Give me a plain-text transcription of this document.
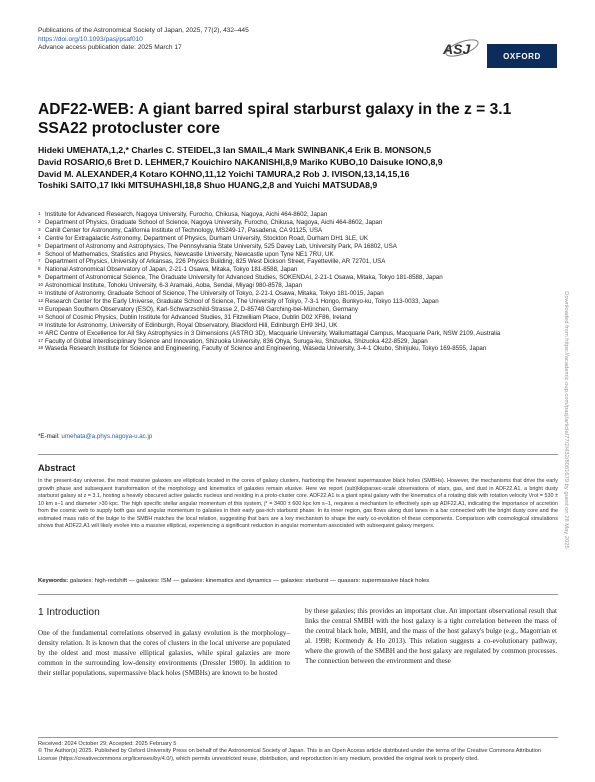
Publications of the Astronomical Society of Japan, 2025, 77(2), 432–445
https://doi.org/10.1093/pasj/psaf010
Advance access publication date: 2025 March 17	ASJ	OXFORD
ADF22-WEB: A giant barred spiral starburst galaxy in the z = 3.1 SSA22 protocluster core
Hideki UMEHATA,1,2,* Charles C. STEIDEL,3 Ian SMAIL,4 Mark SWINBANK,4 Erik B. MONSON,5
David ROSARIO,6 Bret D. LEHMER,7 Kouichiro NAKANISHI,8,9 Mariko KUBO,10 Daisuke IONO,8,9
David M. ALEXANDER,4 Kotaro KOHNO,11,12 Yoichi TAMURA,2 Rob J. IVISON,13,14,15,16
Toshiki SAITO,17 Ikki MITSUHASHI,18,8 Shuo HUANG,2,8 and Yuichi MATSUDA8,9
1 Institute for Advanced Research, Nagoya University, Furocho, Chikusa, Nagoya, Aichi 464-8602, Japan
2 Department of Physics, Graduate School of Science, Nagoya University, Furocho, Chikusa, Nagoya, Aichi 464-8602, Japan
3 Cahill Center for Astronomy, California Institute of Technology, MS249-17, Pasadena, CA 91125, USA
4 Centre for Extragalactic Astronomy, Department of Physics, Durham University, Stockton Road, Durham DH1 3LE, UK
5 Department of Astronomy and Astrophysics, The Pennsylvania State University, 525 Davey Lab, University Park, PA 16802, USA
6 School of Mathematics, Statistics and Physics, Newcastle University, Newcastle upon Tyne NE1 7RU, UK
7 Department of Physics, University of Arkansas, 226 Physics Building, 825 West Dickson Street, Fayetteville, AR 72701, USA
8 National Astronomical Observatory of Japan, 2-21-1 Osawa, Mitaka, Tokyo 181-8588, Japan
9 Department of Astronomical Science, The Graduate University for Advanced Studies, SOKENDAI, 2-21-1 Osawa, Mitaka, Tokyo 181-8588, Japan
10 Astronomical Institute, Tohoku University, 6-3 Aramaki, Aoba, Sendai, Miyagi 980-8578, Japan
11 Institute of Astronomy, Graduate School of Science, The University of Tokyo, 2-21-1 Osawa, Mitaka, Tokyo 181-0015, Japan
12 Research Center for the Early Universe, Graduate School of Science, The University of Tokyo, 7-3-1 Hongo, Bunkyo-ku, Tokyo 113-0033, Japan
13 European Southern Observatory (ESO), Karl-Schwarzschild-Strasse 2, D-85748 Garching-bei-München, Germany
14 School of Cosmic Physics, Dublin Institute for Advanced Studies, 31 Fitzwilliam Place, Dublin D02 XF86, Ireland
15 Institute for Astronomy, University of Edinburgh, Royal Observatory, Blackford Hill, Edinburgh EH9 3HJ, UK
16 ARC Centre of Excellence for All Sky Astrophysics in 3 Dimensions (ASTRO 3D), Macquarie University, Wallumattagal Campus, Macquarie Park, NSW 2109, Australia
17 Faculty of Global Interdisciplinary Science and Innovation, Shizuoka University, 836 Ohya, Suruga-ku, Shizuoka, Shizuoka 422-8529, Japan
18 Waseda Research Institute for Science and Engineering, Faculty of Science and Engineering, Waseda University, 3-4-1 Okubo, Shinjuku, Tokyo 169-8555, Japan
*E-mail: umehata@a.phys.nagoya-u.ac.jp
Abstract
In the present-day universe, the most massive galaxies are ellipticals located in the cores of galaxy clusters, harboring the heaviest supermassive black holes (SMBHs). However, the mechanisms that drive the early growth phase and subsequent transformation of the morphology and kinematics of galaxies remain elusive. Here we report (sub)kiloparsec-scale observations of stars, gas, and dust in ADF22.A1, a bright dusty starburst galaxy at z = 3.1, hosting a heavily obscured active galactic nucleus and residing in a proto-cluster core. ADF22.A1 is a giant spiral galaxy with the kinematics of a rotating disk with rotation velocity Vrot = 530 ± 10 km s−1 and diameter >30 kpc. The high specific stellar angular momentum of this system, j* = 3400 ± 600 kpc km s−1, requires a mechanism to effectively spin up ADF22.A1, indicating the importance of accretion from the cosmic web to supply both gas and angular momentum to galaxies in their early gas-rich starburst phase. In its inner region, gas flows along dust lanes in a bar connected with the bright dusty core and the estimated mass ratio of the bulge to the SMBH matches the local relation, suggesting that bars are a key mechanism to shape the early co-evolution of these components. Comparison with cosmological simulations shows that ADF22.A1 will likely evolve into a massive elliptical, experiencing a significant reduction in angular momentum associated with subsequent galaxy mergers.
Keywords: galaxies: high-redshift — galaxies: ISM — galaxies: kinematics and dynamics — galaxies: starburst — quasars: supermassive black holes
1 Introduction
One of the fundamental correlations observed in galaxy evolution is the morphology–density relation. It is known that the cores of clusters in the local universe are populated by the oldest and most massive elliptical galaxies, while spiral galaxies are more common in the surrounding low-density environments (Dressler 1980). In addition to their stellar populations, supermassive black holes (SMBHs) are known to be hosted
by these galaxies; this provides an important clue. An important observational result that links the central SMBH with the host galaxy is a tight correlation between the mass of the central black hole, MBH, and the mass of the host galaxy's bulge (e.g., Magorrian et al. 1998; Kormendy & Ho 2013). This relation suggests a co-evolutionary pathway, where the growth of the SMBH and the host galaxy are regulated by common processes. The connection between the environment and these
Received: 2024 October 29; Accepted: 2025 February 5
© The Author(s) 2025. Published by Oxford University Press on behalf of the Astronomical Society of Japan. This is an Open Access article distributed under the terms of the Creative Commons Attribution License (https://creativecommons.org/licenses/by/4.0/), which permits unrestricted reuse, distribution, and reproduction in any medium, provided the original work is properly cited.
Downloaded from https://academic.oup.com/pasj/article/77/2/432/8081679 by guest on 28 May 2025
